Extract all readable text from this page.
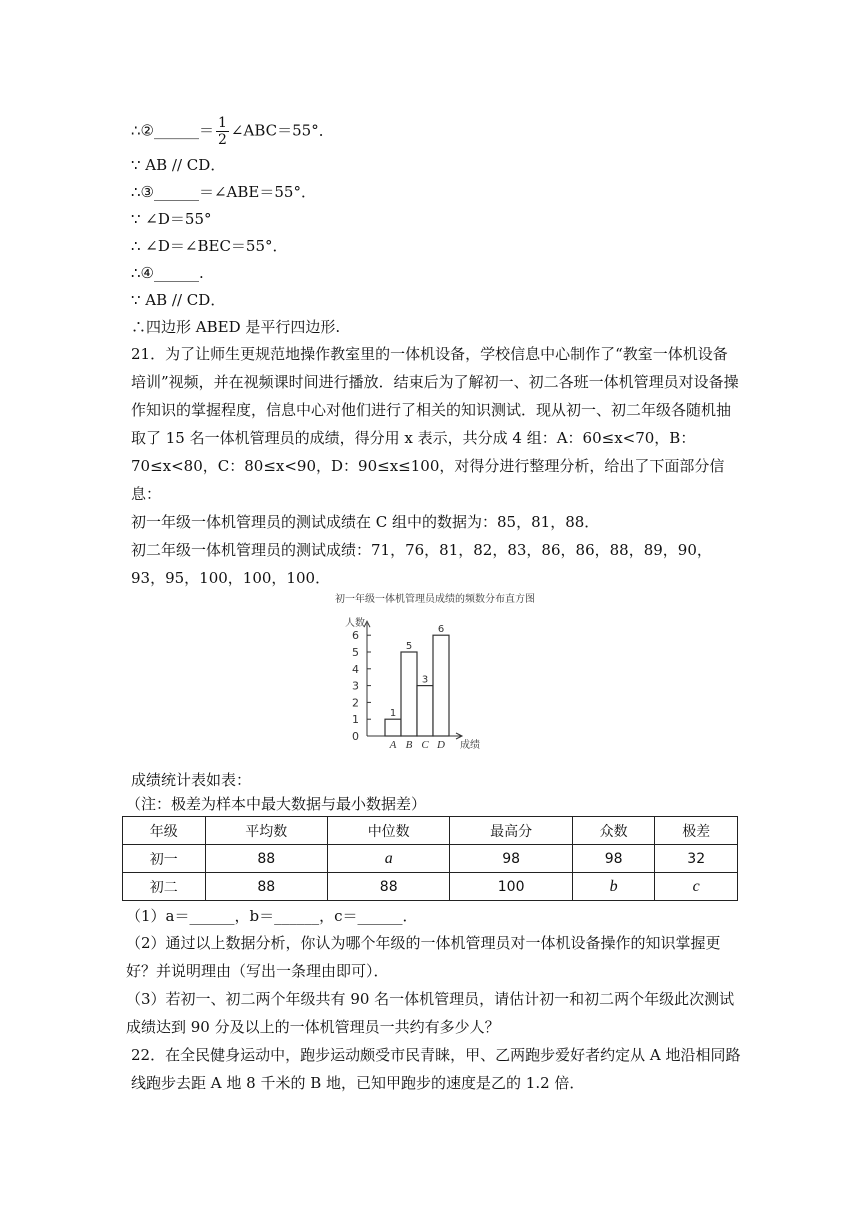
∴②______＝ $\frac{1}{2}$ ∠ABC＝55°．
∵ AB // CD．
∴③______＝∠ABE＝55°．
∵ ∠D＝55°
∴ ∠D＝∠BEC＝55°．
∴④______.
∵ AB // CD．
∴四边形 ABED 是平行四边形.
21．为了让师生更规范地操作教室里的一体机设备，学校信息中心制作了“教室一体机设备培训”视频，并在视频课时间进行播放．结束后为了解初一、初二各班一体机管理员对设备操作知识的掌握程度，信息中心对他们进行了相关的知识测试．现从初一、初二年级各随机抽取了 15 名一体机管理员的成绩，得分用 x 表示，共分成 4 组：A：60≤x<70，B：70≤x<80，C：80≤x<90，D：90≤x≤100，对得分进行整理分析，给出了下面部分信息：
初一年级一体机管理员的测试成绩在 C 组中的数据为：85，81，88．
初二年级一体机管理员的测试成绩：71，76，81，82，83，86，86，88，89，90，93，95，100，100，100．
初一年级一体机管理员成绩的频数分布直方图
人数
成绩
0
1
2
3
4
5
6
1
A
5
B
3
C
6
D
成绩统计表如表：
（注：极差为样本中最大数据与最小数据差）
年级	平均数	中位数	最高分	众数	极差
初一	88	a	98	98	32
初二	88	88	100	b	c
（1）a＝______，b＝______，c＝______．
（2）通过以上数据分析，你认为哪个年级的一体机管理员对一体机设备操作的知识掌握更好？并说明理由（写出一条理由即可）．
（3）若初一、初二两个年级共有 90 名一体机管理员，请估计初一和初二两个年级此次测试成绩达到 90 分及以上的一体机管理员一共约有多少人？
22．在全民健身运动中，跑步运动颇受市民青睐，甲、乙两跑步爱好者约定从 A 地沿相同路线跑步去距 A 地 8 千米的 B 地，已知甲跑步的速度是乙的 1.2 倍．
